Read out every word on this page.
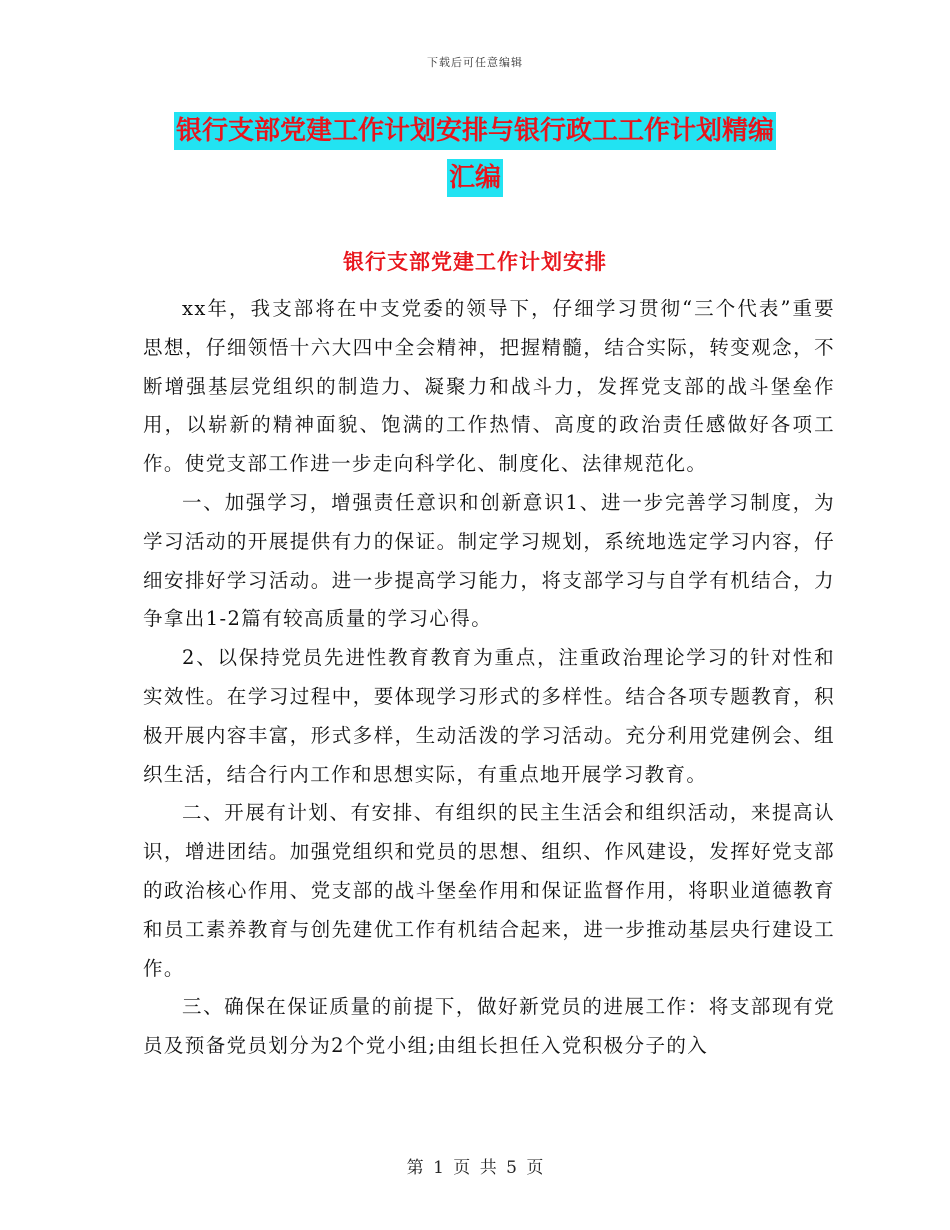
下载后可任意编辑
银行支部党建工作计划安排与银行政工工作计划精编
汇编
银行支部党建工作计划安排

xx年，我支部将在中支党委的领导下，仔细学习贯彻“三个代表”重要思想，仔细领悟十六大四中全会精神，把握精髓，结合实际，转变观念，不断增强基层党组织的制造力、凝聚力和战斗力，发挥党支部的战斗堡垒作用，以崭新的精神面貌、饱满的工作热情、高度的政治责任感做好各项工作。使党支部工作进一步走向科学化、制度化、法律规范化。

一、加强学习，增强责任意识和创新意识1、进一步完善学习制度，为学习活动的开展提供有力的保证。制定学习规划，系统地选定学习内容，仔细安排好学习活动。进一步提高学习能力，将支部学习与自学有机结合，力争拿出1-2篇有较高质量的学习心得。

2、以保持党员先进性教育教育为重点，注重政治理论学习的针对性和实效性。在学习过程中，要体现学习形式的多样性。结合各项专题教育，积极开展内容丰富，形式多样，生动活泼的学习活动。充分利用党建例会、组织生活，结合行内工作和思想实际，有重点地开展学习教育。

二、开展有计划、有安排、有组织的民主生活会和组织活动，来提高认识，增进团结。加强党组织和党员的思想、组织、作风建设，发挥好党支部的政治核心作用、党支部的战斗堡垒作用和保证监督作用，将职业道德教育和员工素养教育与创先建优工作有机结合起来，进一步推动基层央行建设工作。

三、确保在保证质量的前提下，做好新党员的进展工作：将支部现有党员及预备党员划分为2个党小组;由组长担任入党积极分子的入

第 1 页 共 5 页
